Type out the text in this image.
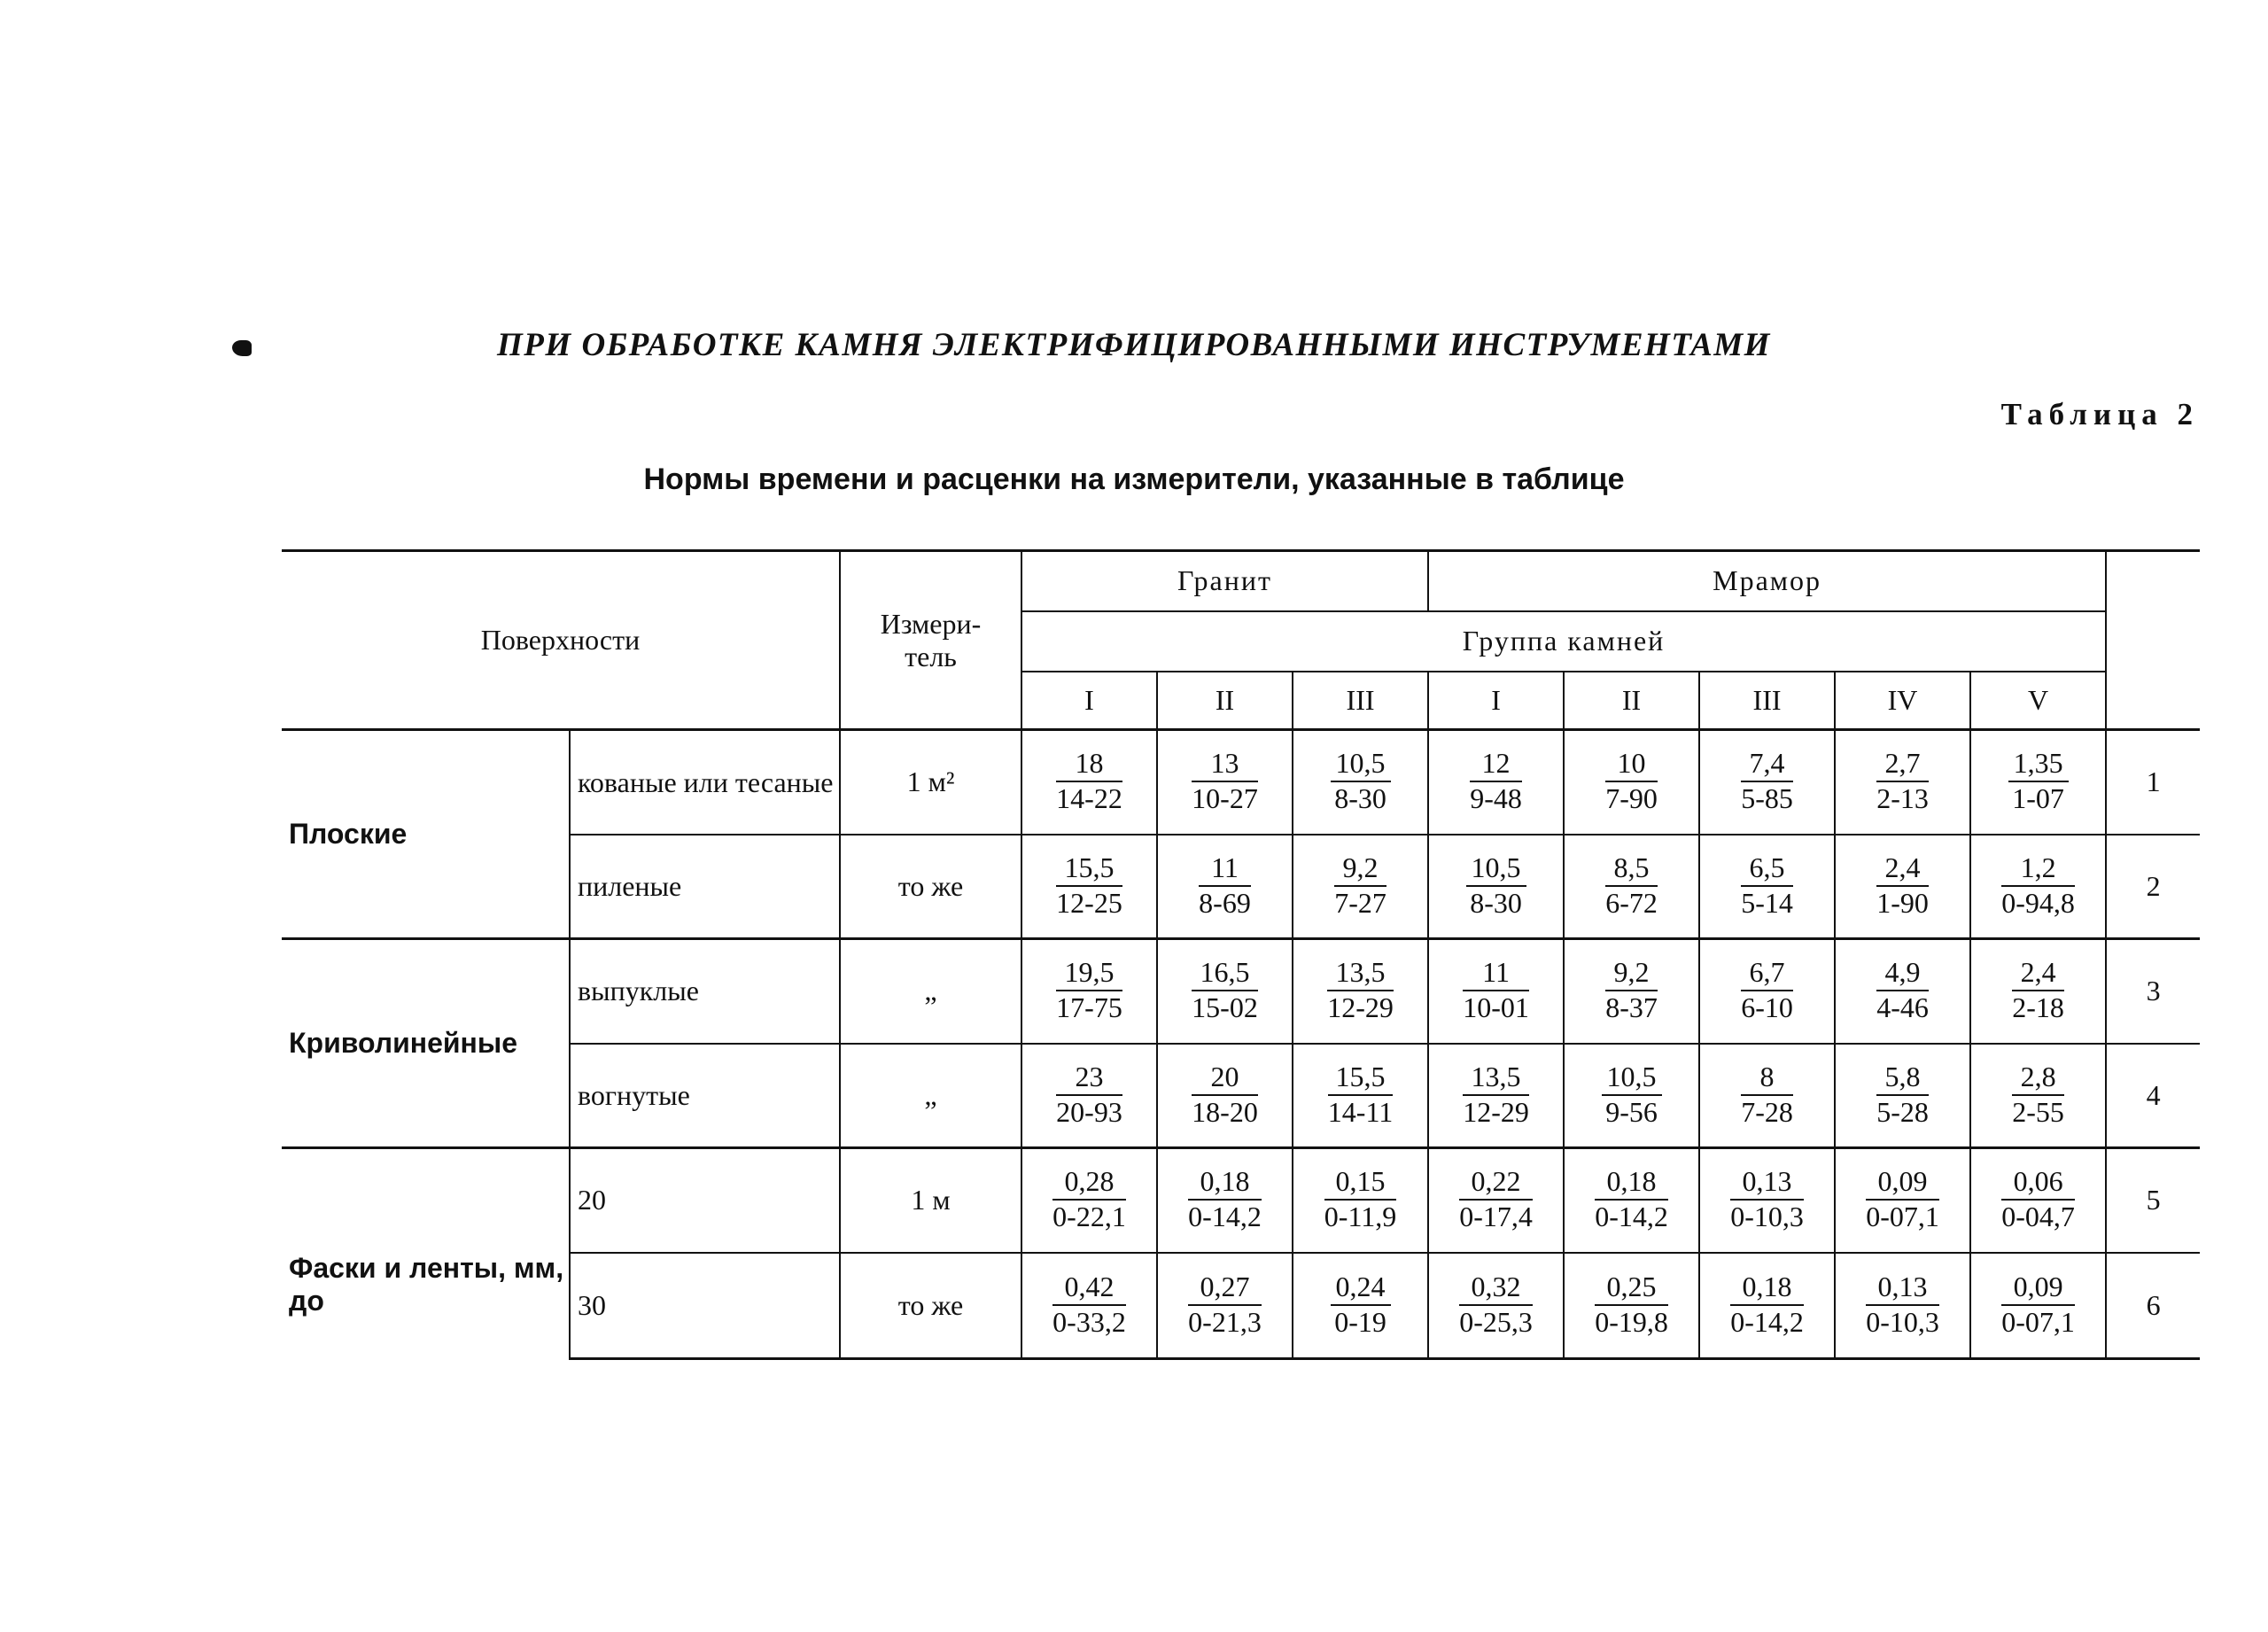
ПРИ ОБРАБОТКЕ КАМНЯ ЭЛЕКТРИФИЦИРОВАННЫМИ ИНСТРУМЕНТАМИ
Таблица 2
Нормы времени и расценки на измерители, указанные в таблице
Поверхности		Измери-тель	Гранит			Мрамор					
			Группа камней								
			I	II	III	I	II	III	IV	V	
Плоские	кованые или тесаные	1 м²	$\frac{18}{14-22}$	$\frac{13}{10-27}$	$\frac{10,5}{8-30}$	$\frac{12}{9-48}$	$\frac{10}{7-90}$	$\frac{7,4}{5-85}$	$\frac{2,7}{2-13}$	$\frac{1,35}{1-07}$	1
	пиленые	то же	$\frac{15,5}{12-25}$	$\frac{11}{8-69}$	$\frac{9,2}{7-27}$	$\frac{10,5}{8-30}$	$\frac{8,5}{6-72}$	$\frac{6,5}{5-14}$	$\frac{2,4}{1-90}$	$\frac{1,2}{0-94,8}$	2
Криволинейные	выпуклые	„	$\frac{19,5}{17-75}$	$\frac{16,5}{15-02}$	$\frac{13,5}{12-29}$	$\frac{11}{10-01}$	$\frac{9,2}{8-37}$	$\frac{6,7}{6-10}$	$\frac{4,9}{4-46}$	$\frac{2,4}{2-18}$	3
	вогнутые	„	$\frac{23}{20-93}$	$\frac{20}{18-20}$	$\frac{15,5}{14-11}$	$\frac{13,5}{12-29}$	$\frac{10,5}{9-56}$	$\frac{8}{7-28}$	$\frac{5,8}{5-28}$	$\frac{2,8}{2-55}$	4
Фаски и ленты, мм, до	20	1 м	$\frac{0,28}{0-22,1}$	$\frac{0,18}{0-14,2}$	$\frac{0,15}{0-11,9}$	$\frac{0,22}{0-17,4}$	$\frac{0,18}{0-14,2}$	$\frac{0,13}{0-10,3}$	$\frac{0,09}{0-07,1}$	$\frac{0,06}{0-04,7}$	5
	30	то же	$\frac{0,42}{0-33,2}$	$\frac{0,27}{0-21,3}$	$\frac{0,24}{0-19}$	$\frac{0,32}{0-25,3}$	$\frac{0,25}{0-19,8}$	$\frac{0,18}{0-14,2}$	$\frac{0,13}{0-10,3}$	$\frac{0,09}{0-07,1}$	6
